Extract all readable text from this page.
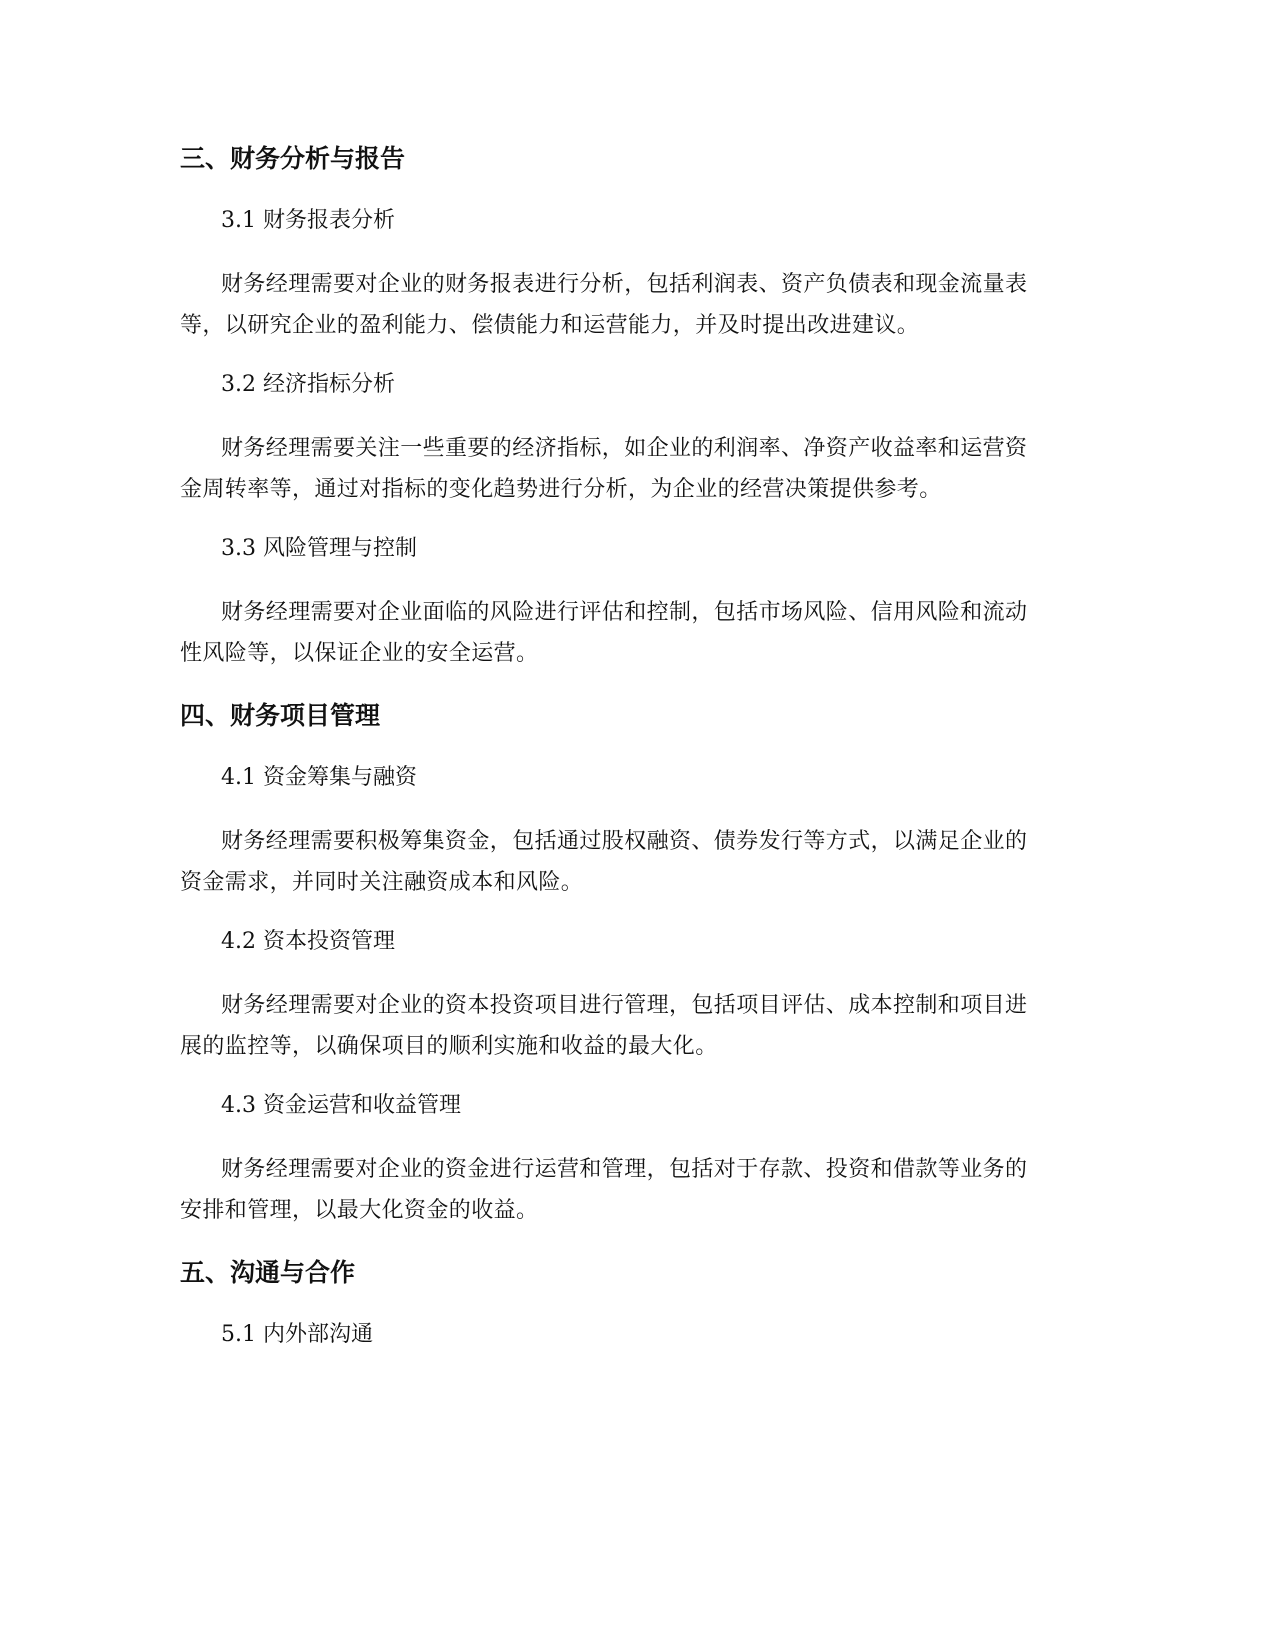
三、财务分析与报告

3.1 财务报表分析

财务经理需要对企业的财务报表进行分析，包括利润表、资产负债表和现金流量表等，以研究企业的盈利能力、偿债能力和运营能力，并及时提出改进建议。

3.2 经济指标分析

财务经理需要关注一些重要的经济指标，如企业的利润率、净资产收益率和运营资金周转率等，通过对指标的变化趋势进行分析，为企业的经营决策提供参考。

3.3 风险管理与控制

财务经理需要对企业面临的风险进行评估和控制，包括市场风险、信用风险和流动性风险等，以保证企业的安全运营。

四、财务项目管理

4.1 资金筹集与融资

财务经理需要积极筹集资金，包括通过股权融资、债券发行等方式，以满足企业的资金需求，并同时关注融资成本和风险。

4.2 资本投资管理

财务经理需要对企业的资本投资项目进行管理，包括项目评估、成本控制和项目进展的监控等，以确保项目的顺利实施和收益的最大化。

4.3 资金运营和收益管理

财务经理需要对企业的资金进行运营和管理，包括对于存款、投资和借款等业务的安排和管理，以最大化资金的收益。

五、沟通与合作

5.1 内外部沟通
